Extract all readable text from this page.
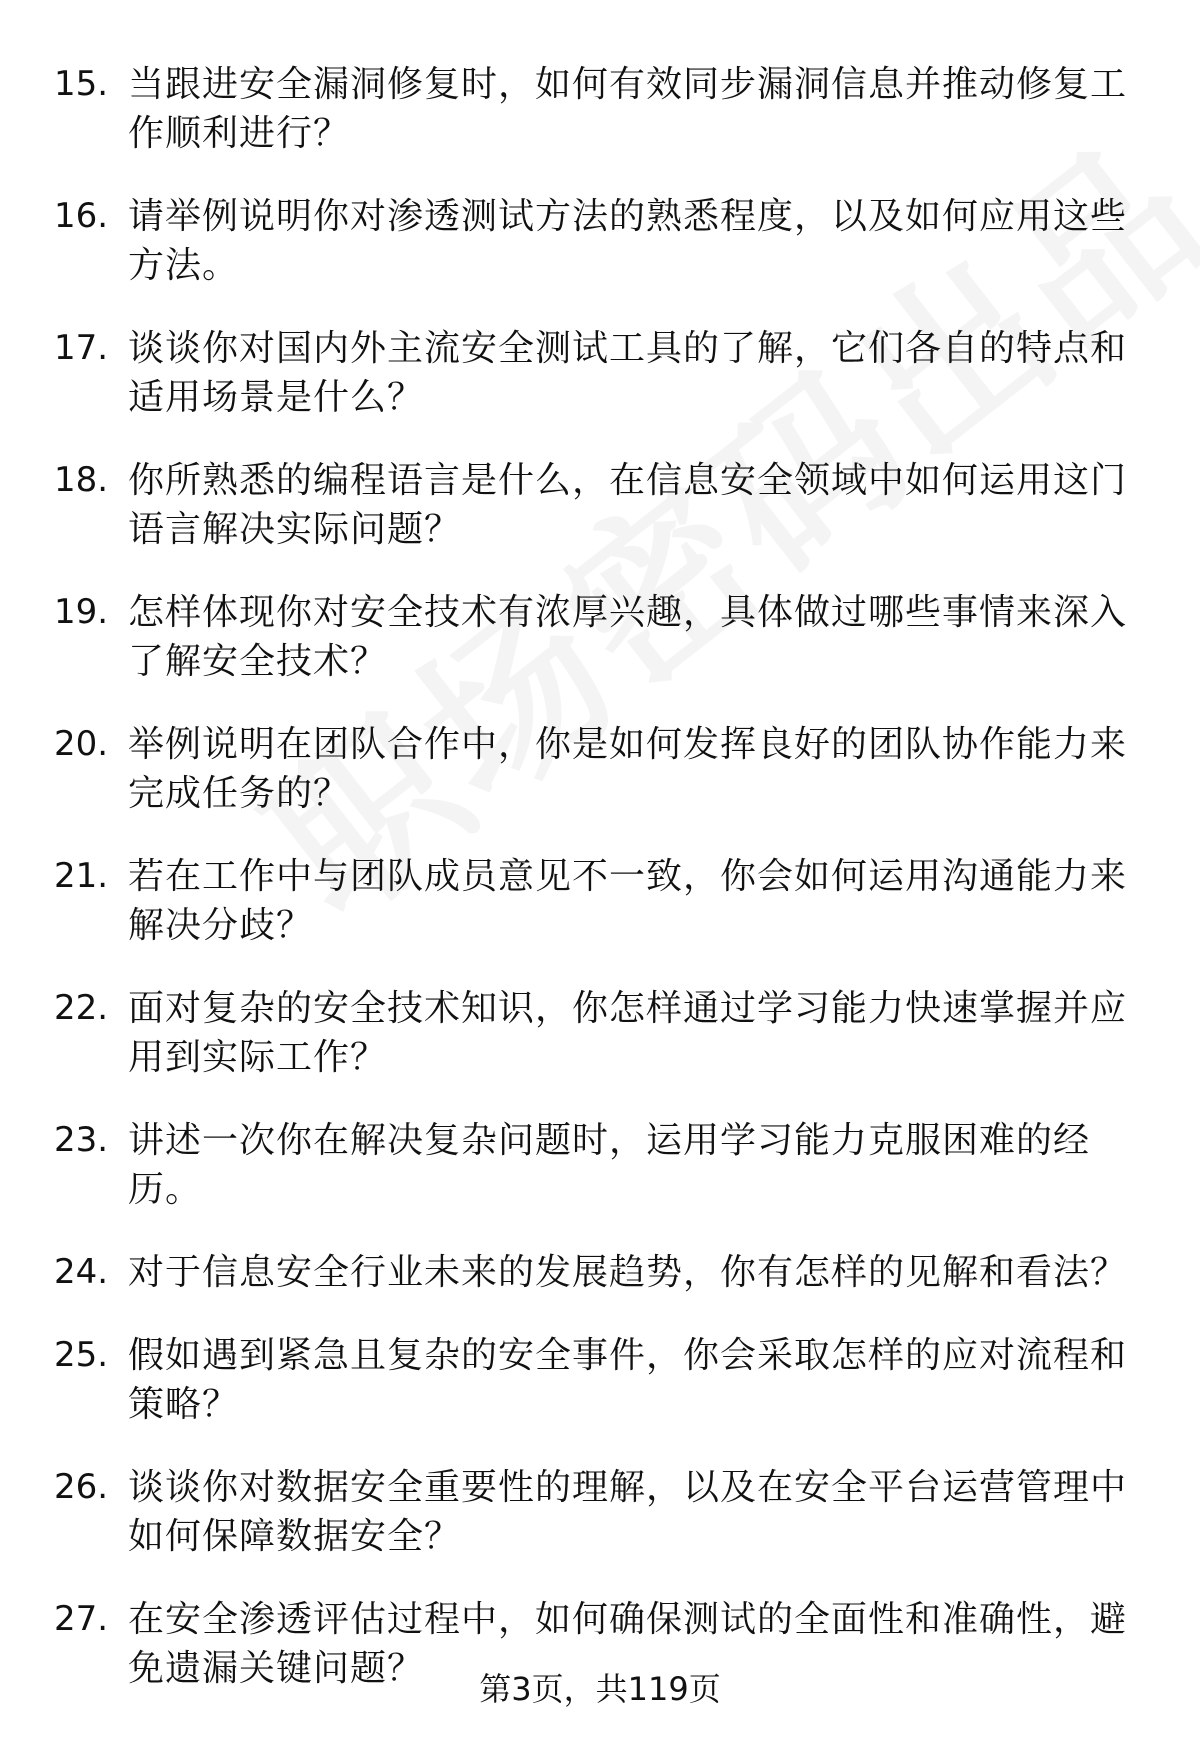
15. 当跟进安全漏洞修复时，如何有效同步漏洞信息并推动修复工作顺利进行？
16. 请举例说明你对渗透测试方法的熟悉程度，以及如何应用这些方法。
17. 谈谈你对国内外主流安全测试工具的了解，它们各自的特点和适用场景是什么？
18. 你所熟悉的编程语言是什么，在信息安全领域中如何运用这门语言解决实际问题？
19. 怎样体现你对安全技术有浓厚兴趣，具体做过哪些事情来深入了解安全技术？
20. 举例说明在团队合作中，你是如何发挥良好的团队协作能力来完成任务的？
21. 若在工作中与团队成员意见不一致，你会如何运用沟通能力来解决分歧？
22. 面对复杂的安全技术知识，你怎样通过学习能力快速掌握并应用到实际工作？
23. 讲述一次你在解决复杂问题时，运用学习能力克服困难的经历。
24. 对于信息安全行业未来的发展趋势，你有怎样的见解和看法？
25. 假如遇到紧急且复杂的安全事件，你会采取怎样的应对流程和策略？
26. 谈谈你对数据安全重要性的理解，以及在安全平台运营管理中如何保障数据安全？
27. 在安全渗透评估过程中，如何确保测试的全面性和准确性，避免遗漏关键问题？	第3页，共119页
